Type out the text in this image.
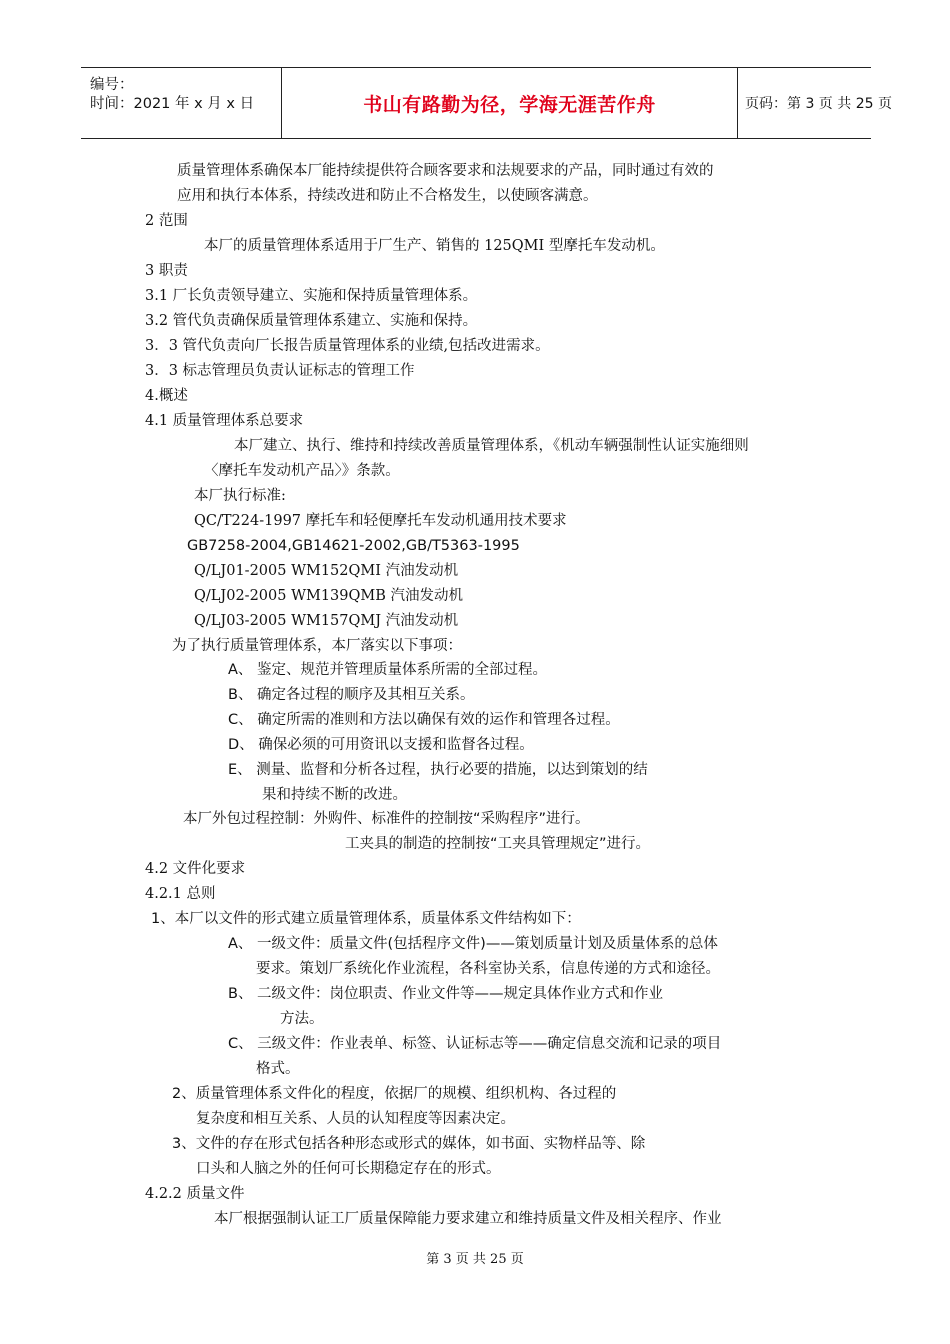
编号：
时间：2021 年 x 月 x 日	书山有路勤为径，学海无涯苦作舟	页码：第 3 页 共 25 页
质量管理体系确保本厂能持续提供符合顾客要求和法规要求的产品，同时通过有效的
应用和执行本体系，持续改进和防止不合格发生，以使顾客满意。
2 范围
本厂的质量管理体系适用于厂生产、销售的 125QMI 型摩托车发动机。
3 职责
3.1 厂长负责领导建立、实施和保持质量管理体系。
3.2 管代负责确保质量管理体系建立、实施和保持。
3．3 管代负责向厂长报告质量管理体系的业绩,包括改进需求。
3．3 标志管理员负责认证标志的管理工作
4.概述
4.1 质量管理体系总要求
本厂建立、执行、维持和持续改善质量管理体系，《机动车辆强制性认证实施细则
〈摩托车发动机产品〉》条款。
本厂执行标准:
QC/T224-1997 摩托车和轻便摩托车发动机通用技术要求
GB7258-2004,GB14621-2002,GB/T5363-1995
Q/LJ01-2005 WM152QMI 汽油发动机
Q/LJ02-2005 WM139QMB 汽油发动机
Q/LJ03-2005 WM157QMJ 汽油发动机
为了执行质量管理体系，本厂落实以下事项：
A、 鉴定、规范并管理质量体系所需的全部过程。
B、 确定各过程的顺序及其相互关系。
C、 确定所需的准则和方法以确保有效的运作和管理各过程。
D、 确保必须的可用资讯以支援和监督各过程。
E、 测量、监督和分析各过程，执行必要的措施，以达到策划的结
果和持续不断的改进。
本厂外包过程控制：外购件、标准件的控制按“采购程序”进行。
工夹具的制造的控制按“工夹具管理规定”进行。
4.2 文件化要求
4.2.1 总则
1、本厂以文件的形式建立质量管理体系，质量体系文件结构如下：
A、 一级文件：质量文件(包括程序文件)——策划质量计划及质量体系的总体
要求。策划厂系统化作业流程，各科室协关系，信息传递的方式和途径。
B、 二级文件：岗位职责、作业文件等——规定具体作业方式和作业
方法。
C、 三级文件：作业表单、标签、认证标志等——确定信息交流和记录的项目
格式。
2、质量管理体系文件化的程度，依据厂的规模、组织机构、各过程的
复杂度和相互关系、人员的认知程度等因素决定。
3、文件的存在形式包括各种形态或形式的媒体，如书面、实物样品等、除
口头和人脑之外的任何可长期稳定存在的形式。
4.2.2 质量文件
本厂根据强制认证工厂质量保障能力要求建立和维持质量文件及相关程序、作业
第 3 页 共 25 页
